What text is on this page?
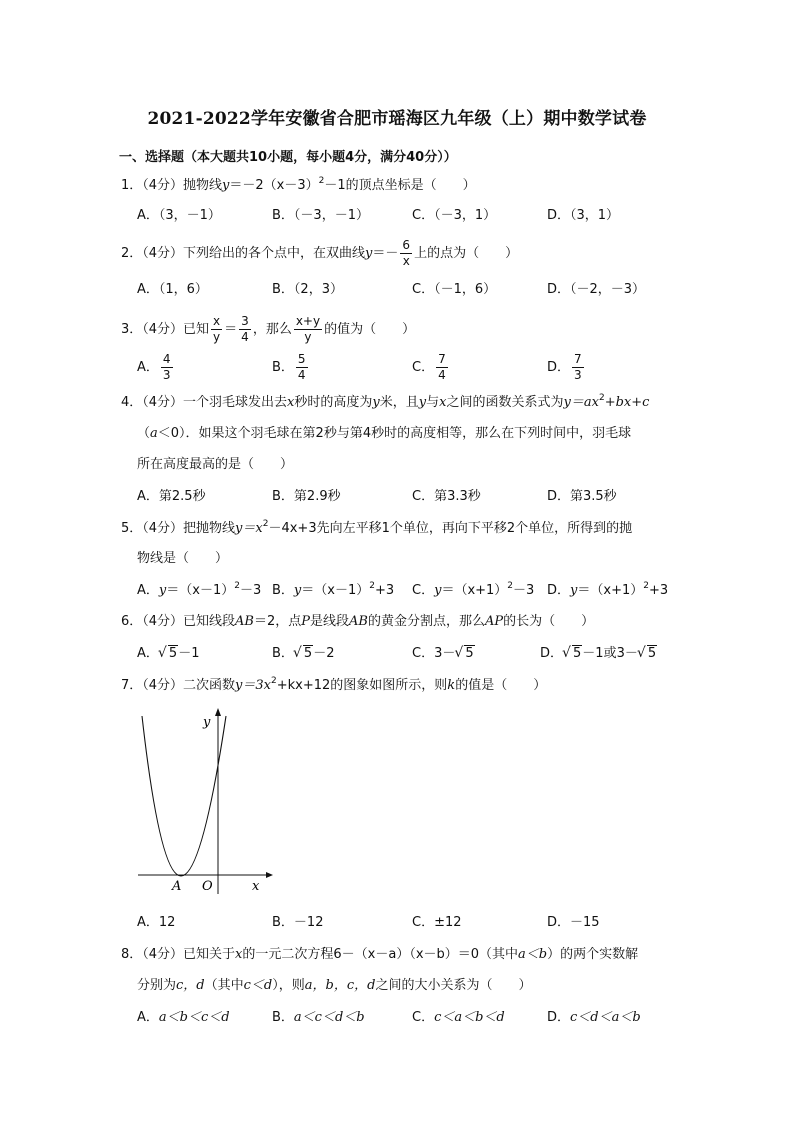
2021-2022学年安徽省合肥市瑶海区九年级（上）期中数学试卷
一、选择题（本大题共10小题，每小题4分，满分40分））
1．（4分）抛物线$y=-2(x-3)^2-1$的顶点坐标是（　　）
A．（3，－1）	B．（－3，－1）	C．（－3，1）	D．（3，1）
2．（4分）下列给出的各个点中，在双曲线$y=- \frac{6}{x}$ 上的点为（　　）
A．（1，6）	B．（2，3）	C．（－1，6）	D．（－2，－3）
3．（4分）已知 $\frac{x}{y} = \frac{3}{4}$ ，那么 $\frac{x+y}{y}$ 的值为（　　）
A． $\frac{4}{3}$	B． $\frac{5}{4}$	C． $\frac{7}{4}$	D． $\frac{7}{3}$
4．（4分）一个羽毛球发出去x秒时的高度为y米，且y与x之间的函数关系式为$y=ax^2+bx+c$
（a＜0）．如果这个羽毛球在第2秒与第4秒时的高度相等，那么在下列时间中，羽毛球
所在高度最高的是（　　）
A．第2.5秒	B．第2.9秒	C．第3.3秒	D．第3.5秒
5．（4分）把抛物线$y=x^2-4x+3$先向左平移1个单位，再向下平移2个单位，所得到的抛
物线是（　　）
A．$y=(x-1)^2-3$ B．$y=(x-1)^2+3$ C．$y=(x+1)^2-3$ D．$y=(x+1)^2+3$
6．（4分）已知线段AB＝2，点P是线段AB的黄金分割点，那么AP的长为（　　）
A． √ 5－1	B． √ 5－2	C．3－ √ 5	D． √ 5－1或3－ √ 5
7．（4分）二次函数$y=3x^2+kx+12$的图象如图所示，则k的值是（　　）
y
x
O
A
A．12	B．－12	C．±12	D．－15
8．（4分）已知关于x的一元二次方程6－（x－a）（x－b）＝0（其中a＜b）的两个实数解
分别为c，d（其中c＜d），则a，b，c，d之间的大小关系为（　　）
A．a＜b＜c＜d	B．a＜c＜d＜b	C．c＜a＜b＜d	D．c＜d＜a＜b
